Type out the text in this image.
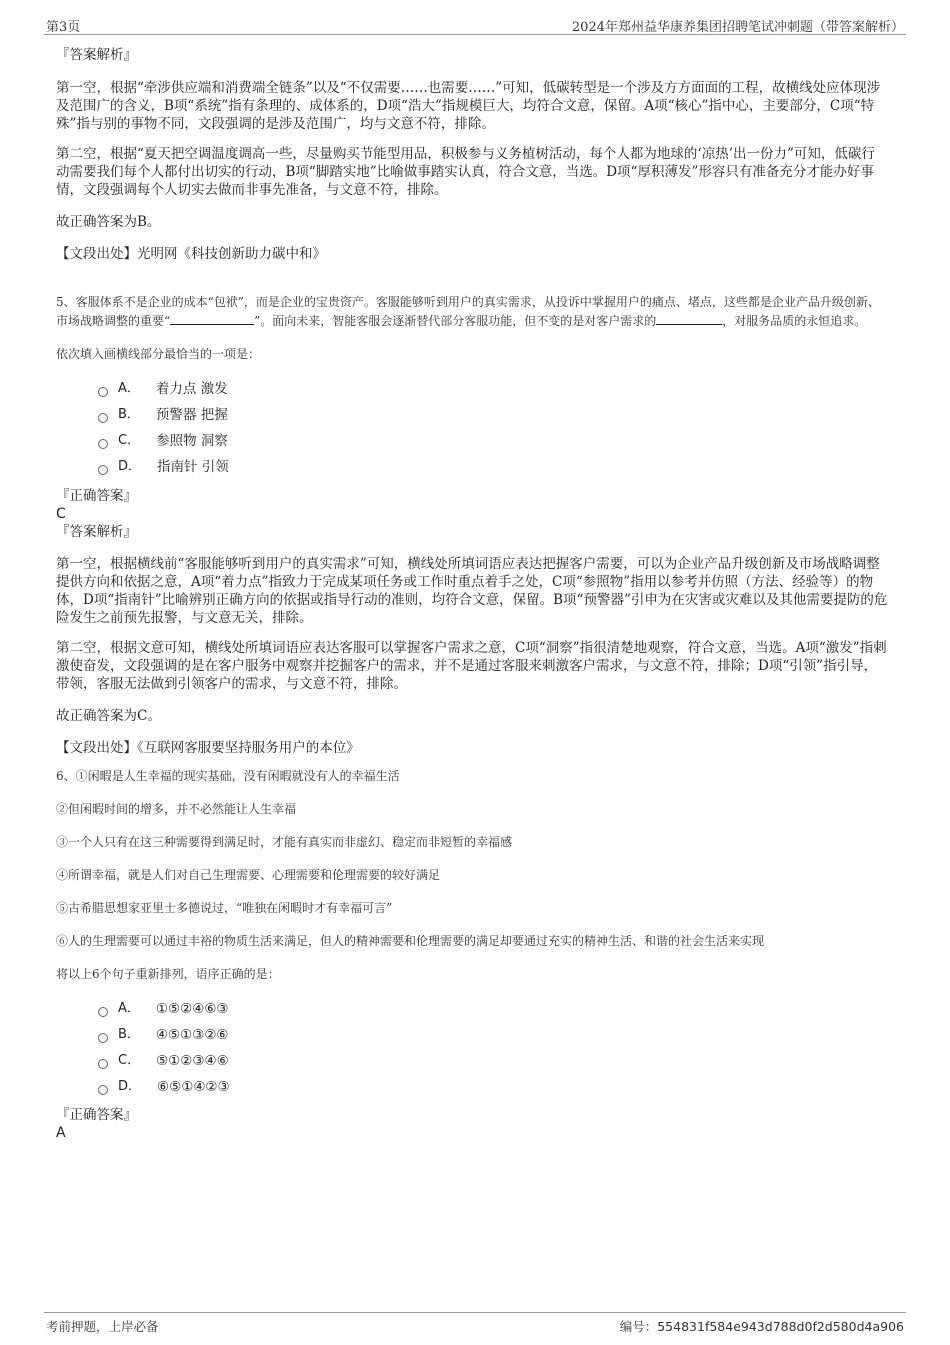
第3页	2024年郑州益华康养集团招聘笔试冲刺题（带答案解析）

『答案解析』

第一空，根据“牵涉供应端和消费端全链条”以及“不仅需要……也需要……”可知，低碳转型是一个涉及方方面面的工程，故横线处应体现涉及范围广的含义，B项“系统”指有条理的、成体系的，D项“浩大”指规模巨大，均符合文意，保留。A项“核心”指中心，主要部分，C项“特殊”指与别的事物不同，文段强调的是涉及范围广，均与文意不符，排除。

第二空，根据“夏天把空调温度调高一些，尽量购买节能型用品，积极参与义务植树活动，每个人都为地球的‘凉热’出一份力”可知，低碳行动需要我们每个人都付出切实的行动，B项“脚踏实地”比喻做事踏实认真，符合文意，当选。D项“厚积薄发”形容只有准备充分才能办好事情，文段强调每个人切实去做而非事先准备，与文意不符，排除。

故正确答案为B。

【文段出处】光明网《科技创新助力碳中和》

5、客服体系不是企业的成本“包袱”，而是企业的宝贵资产。客服能够听到用户的真实需求，从投诉中掌握用户的痛点、堵点，这些都是企业产品升级创新、市场战略调整的重要“	”。面向未来，智能客服会逐渐替代部分客服功能，但不变的是对客户需求的	，对服务品质的永恒追求。

依次填入画横线部分最恰当的一项是：

A． 着力点 激发
B． 预警器 把握
C． 参照物 洞察
D． 指南针 引领

『正确答案』

C

『答案解析』

第一空，根据横线前“客服能够听到用户的真实需求”可知，横线处所填词语应表达把握客户需要，可以为企业产品升级创新及市场战略调整提供方向和依据之意，A项“着力点”指致力于完成某项任务或工作时重点着手之处，C项“参照物”指用以参考并仿照（方法、经验等）的物体，D项“指南针”比喻辨别正确方向的依据或指导行动的准则，均符合文意，保留。B项“预警器”引申为在灾害或灾难以及其他需要提防的危险发生之前预先报警，与文意无关，排除。

第二空，根据文意可知，横线处所填词语应表达客服可以掌握客户需求之意，C项“洞察”指很清楚地观察，符合文意，当选。A项“激发”指刺激使奋发，文段强调的是在客户服务中观察并挖掘客户的需求，并不是通过客服来刺激客户需求，与文意不符，排除；D项“引领”指引导，带领，客服无法做到引领客户的需求，与文意不符，排除。

故正确答案为C。

【文段出处】《互联网客服要坚持服务用户的本位》

6、①闲暇是人生幸福的现实基础，没有闲暇就没有人的幸福生活

②但闲暇时间的增多，并不必然能让人生幸福

③一个人只有在这三种需要得到满足时，才能有真实而非虚幻、稳定而非短暂的幸福感

④所谓幸福，就是人们对自己生理需要、心理需要和伦理需要的较好满足

⑤古希腊思想家亚里士多德说过，“唯独在闲暇时才有幸福可言”

⑥人的生理需要可以通过丰裕的物质生活来满足，但人的精神需要和伦理需要的满足却要通过充实的精神生活、和谐的社会生活来实现

将以上6个句子重新排列，语序正确的是：

A． ①⑤②④⑥③
B． ④⑤①③②⑥
C． ⑤①②③④⑥
D． ⑥⑤①④②③

『正确答案』

A

考前押题，上岸必备	编号：554831f584e943d788d0f2d580d4a906
